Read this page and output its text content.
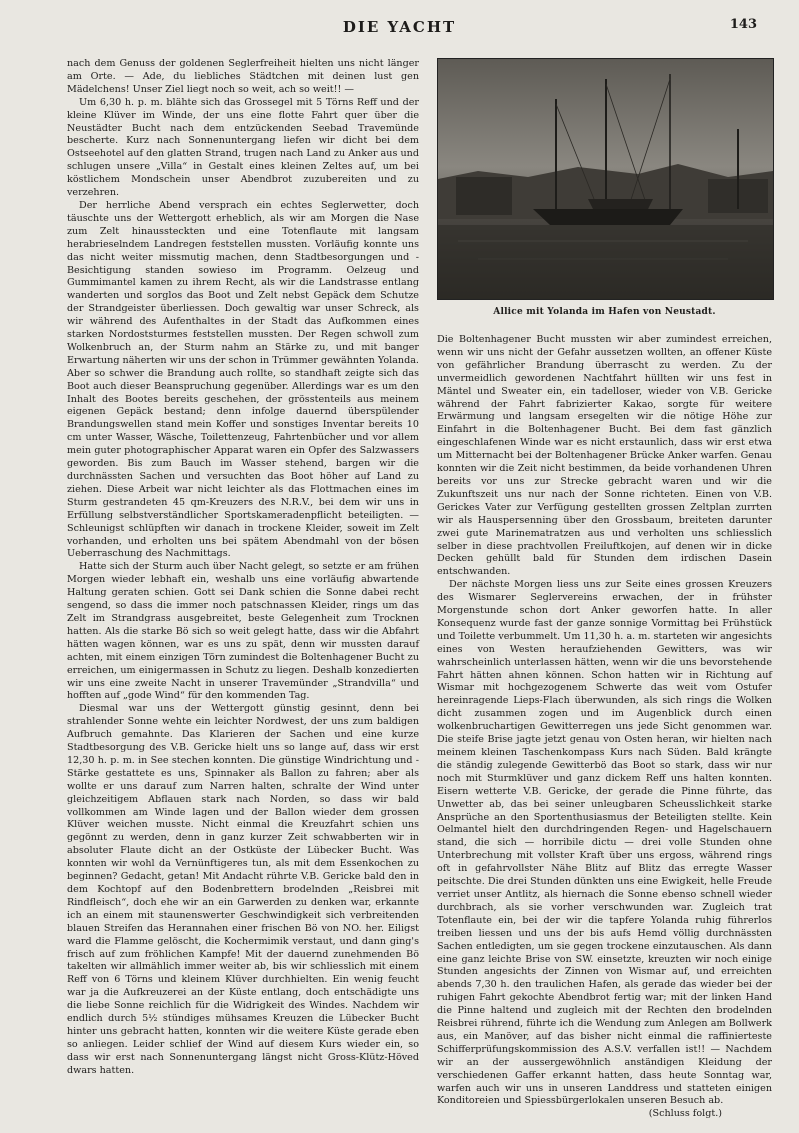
DIE YACHT	143

nach dem Genuss der goldenen Seglerfreiheit hielten uns nicht länger am Orte. — Ade, du liebliches Städtchen mit deinen lust gen Mädelchens! Unser Ziel liegt noch so weit, ach so weit!! —

Um 6,30 h. p. m. blähte sich das Grossegel mit 5 Törns Reff und der kleine Klüver im Winde, der uns eine flotte Fahrt quer über die Neustädter Bucht nach dem entzückenden Seebad Travemünde bescherte. Kurz nach Sonnenuntergang liefen wir dicht bei dem Ostseehotel auf den glatten Strand, trugen nach Land zu Anker aus und schlugen unsere „Villa“ in Gestalt eines kleinen Zeltes auf, um bei köstlichem Mondschein unser Abendbrot zuzubereiten und zu verzehren.

Der herrliche Abend versprach ein echtes Seglerwetter, doch täuschte uns der Wettergott erheblich, als wir am Morgen die Nase zum Zelt hinaussteckten und eine Totenflaute mit langsam herabrieselndem Landregen feststellen mussten. Vorläufig konnte uns das nicht weiter missmutig machen, denn Stadtbesorgungen und -Besichtigung standen sowieso im Programm. Oelzeug und Gummimantel kamen zu ihrem Recht, als wir die Landstrasse entlang wanderten und sorglos das Boot und Zelt nebst Gepäck dem Schutze der Strandgeister überliessen. Doch gewaltig war unser Schreck, als wir während des Aufenthaltes in der Stadt das Aufkommen eines starken Nordoststurmes feststellen mussten. Der Regen schwoll zum Wolkenbruch an, der Sturm nahm an Stärke zu, und mit banger Erwartung näherten wir uns der schon in Trümmer gewähnten Yolanda. Aber so schwer die Brandung auch rollte, so standhaft zeigte sich das Boot auch dieser Beanspruchung gegenüber. Allerdings war es um den Inhalt des Bootes bereits geschehen, der grösstenteils aus meinem eigenen Gepäck bestand; denn infolge dauernd überspülender Brandungswellen stand mein Koffer und sonstiges Inventar bereits 10 cm unter Wasser, Wäsche, Toilettenzeug, Fahrtenbücher und vor allem mein guter photographischer Apparat waren ein Opfer des Salzwassers geworden. Bis zum Bauch im Wasser stehend, bargen wir die durchnässten Sachen und versuchten das Boot höher auf Land zu ziehen. Diese Arbeit war nicht leichter als das Flottmachen eines im Sturm gestrandeten 45 qm-Kreuzers des N.R.V., bei dem wir uns in Erfüllung selbstverständlicher Sportskameradenpflicht beteiligten. — Schleunigst schlüpften wir danach in trockene Kleider, soweit im Zelt vorhanden, und erholten uns bei spätem Abendmahl von der bösen Ueberraschung des Nachmittags.

Hatte sich der Sturm auch über Nacht gelegt, so setzte er am frühen Morgen wieder lebhaft ein, weshalb uns eine vorläufig abwartende Haltung geraten schien. Gott sei Dank schien die Sonne dabei recht sengend, so dass die immer noch patschnassen Kleider, rings um das Zelt im Strandgrass ausgebreitet, beste Gelegenheit zum Trocknen hatten. Als die starke Bö sich so weit gelegt hatte, dass wir die Abfahrt hätten wagen können, war es uns zu spät, denn wir mussten darauf achten, mit einem einzigen Törn zumindest die Boltenhagener Bucht zu erreichen, um einigermassen in Schutz zu liegen. Deshalb konzedierten wir uns eine zweite Nacht in unserer Travemünder „Strandvilla“ und hofften auf „gode Wind“ für den kommenden Tag.

Diesmal war uns der Wettergott günstig gesinnt, denn bei strahlender Sonne wehte ein leichter Nordwest, der uns zum baldigen Aufbruch gemahnte. Das Klarieren der Sachen und eine kurze Stadtbesorgung des V.B. Gericke hielt uns so lange auf, dass wir erst 12,30 h. p. m. in See stechen konnten. Die günstige Windrichtung und -Stärke gestattete es uns, Spinnaker als Ballon zu fahren; aber als wollte er uns darauf zum Narren halten, schralte der Wind unter gleichzeitigem Abflauen stark nach Norden, so dass wir bald vollkommen am Winde lagen und der Ballon wieder dem grossen Klüver weichen musste. Nicht einmal die Kreuzfahrt schien uns gegönnt zu werden, denn in ganz kurzer Zeit schwabberten wir in absoluter Flaute dicht an der Ostküste der Lübecker Bucht. Was konnten wir wohl da Vernünftigeres tun, als mit dem Essenkochen zu beginnen? Gedacht, getan! Mit Andacht rührte V.B. Gericke bald den in dem Kochtopf auf den Bodenbrettern brodelnden „Reisbrei mit Rindfleisch“, doch ehe wir an ein Garwerden zu denken war, erkannte ich an einem mit staunenswerter Geschwindigkeit sich verbreitenden blauen Streifen das Herannahen einer frischen Bö von NO. her. Eiligst ward die Flamme gelöscht, die Kochermimik verstaut, und dann ging's frisch auf zum fröhlichen Kampfe! Mit der dauernd zunehmenden Bö takelten wir allmählich immer weiter ab, bis wir schliesslich mit einem Reff von 6 Törns und kleinem Klüver durchhielten. Ein wenig feucht war ja die Aufkreuzerei an der Küste entlang, doch entschädigte uns die liebe Sonne reichlich für die Widrigkeit des Windes. Nachdem wir endlich durch 5½ stündiges mühsames Kreuzen die Lübecker Bucht hinter uns gebracht hatten, konnten wir die weitere Küste gerade eben so anliegen. Leider schlief der Wind auf diesem Kurs wieder ein, so dass wir erst nach Sonnenuntergang längst nicht Gross-Klütz-Höved dwars hatten.

Allice mit Yolanda im Hafen von Neustadt.

Die Boltenhagener Bucht mussten wir aber zumindest erreichen, wenn wir uns nicht der Gefahr aussetzen wollten, an offener Küste von gefährlicher Brandung überrascht zu werden. Zu der unvermeidlich gewordenen Nachtfahrt hüllten wir uns fest in Mäntel und Sweater ein, ein tadelloser, wieder von V.B. Gericke während der Fahrt fabrizierter Kakao, sorgte für weitere Erwärmung und langsam ersegelten wir die nötige Höhe zur Einfahrt in die Boltenhagener Bucht. Bei dem fast gänzlich eingeschlafenen Winde war es nicht erstaunlich, dass wir erst etwa um Mitternacht bei der Boltenhagener Brücke Anker warfen. Genau konnten wir die Zeit nicht bestimmen, da beide vorhandenen Uhren bereits vor uns zur Strecke gebracht waren und wir die Zukunftszeit uns nur nach der Sonne richteten. Einen von V.B. Gerickes Vater zur Verfügung gestellten grossen Zeltplan zurrten wir als Hauspersenning über den Grossbaum, breiteten darunter zwei gute Marinematratzen aus und verholten uns schliesslich selber in diese prachtvollen Freiluftkojen, auf denen wir in dicke Decken gehüllt bald für Stunden dem irdischen Dasein entschwanden.

Der nächste Morgen liess uns zur Seite eines grossen Kreuzers des Wismarer Seglervereins erwachen, der in frühster Morgenstunde schon dort Anker geworfen hatte. In aller Konsequenz wurde fast der ganze sonnige Vormittag bei Frühstück und Toilette verbummelt. Um 11,30 h. a. m. starteten wir angesichts eines von Westen heraufziehenden Gewitters, was wir wahrscheinlich unterlassen hätten, wenn wir die uns bevorstehende Fahrt hätten ahnen können. Schon hatten wir in Richtung auf Wismar mit hochgezogenem Schwerte das weit vom Ostufer hereinragende Lieps-Flach überwunden, als sich rings die Wolken dicht zusammen zogen und im Augenblick durch einen wolkenbruchartigen Gewitterregen uns jede Sicht genommen war. Die steife Brise jagte jetzt genau von Osten heran, wir hielten nach meinem kleinen Taschenkompass Kurs nach Süden. Bald krängte die ständig zulegende Gewitterbö das Boot so stark, dass wir nur noch mit Sturmklüver und ganz dickem Reff uns halten konnten. Eisern wetterte V.B. Gericke, der gerade die Pinne führte, das Unwetter ab, das bei seiner unleugbaren Scheusslichkeit starke Ansprüche an den Sportenthusiasmus der Beteiligten stellte. Kein Oelmantel hielt den durchdringenden Regen- und Hagelschauern stand, die sich — horribile dictu — drei volle Stunden ohne Unterbrechung mit vollster Kraft über uns ergoss, während rings oft in gefahrvollster Nähe Blitz auf Blitz das erregte Wasser peitschte. Die drei Stunden dünkten uns eine Ewigkeit, helle Freude verriet unser Antlitz, als hiernach die Sonne ebenso schnell wieder durchbrach, als sie vorher verschwunden war. Zugleich trat Totenflaute ein, bei der wir die tapfere Yolanda ruhig führerlos treiben liessen und uns der bis aufs Hemd völlig durchnässten Sachen entledigten, um sie gegen trockene einzutauschen. Als dann eine ganz leichte Brise von SW. einsetzte, kreuzten wir noch einige Stunden angesichts der Zinnen von Wismar auf, und erreichten abends 7,30 h. den traulichen Hafen, als gerade das wieder bei der ruhigen Fahrt gekochte Abendbrot fertig war; mit der linken Hand die Pinne haltend und zugleich mit der Rechten den brodelnden Reisbrei rührend, führte ich die Wendung zum Anlegen am Bollwerk aus, ein Manöver, auf das bisher nicht einmal die raffinierteste Schifferprüfungskommission des A.S.V. verfallen ist!! — Nachdem wir an der aussergewöhnlich anständigen Kleidung der verschiedenen Gaffer erkannt hatten, dass heute Sonntag war, warfen auch wir uns in unseren Landdress und statteten einigen Konditoreien und Spiessbürgerlokalen unseren Besuch ab.

(Schluss folgt.)
